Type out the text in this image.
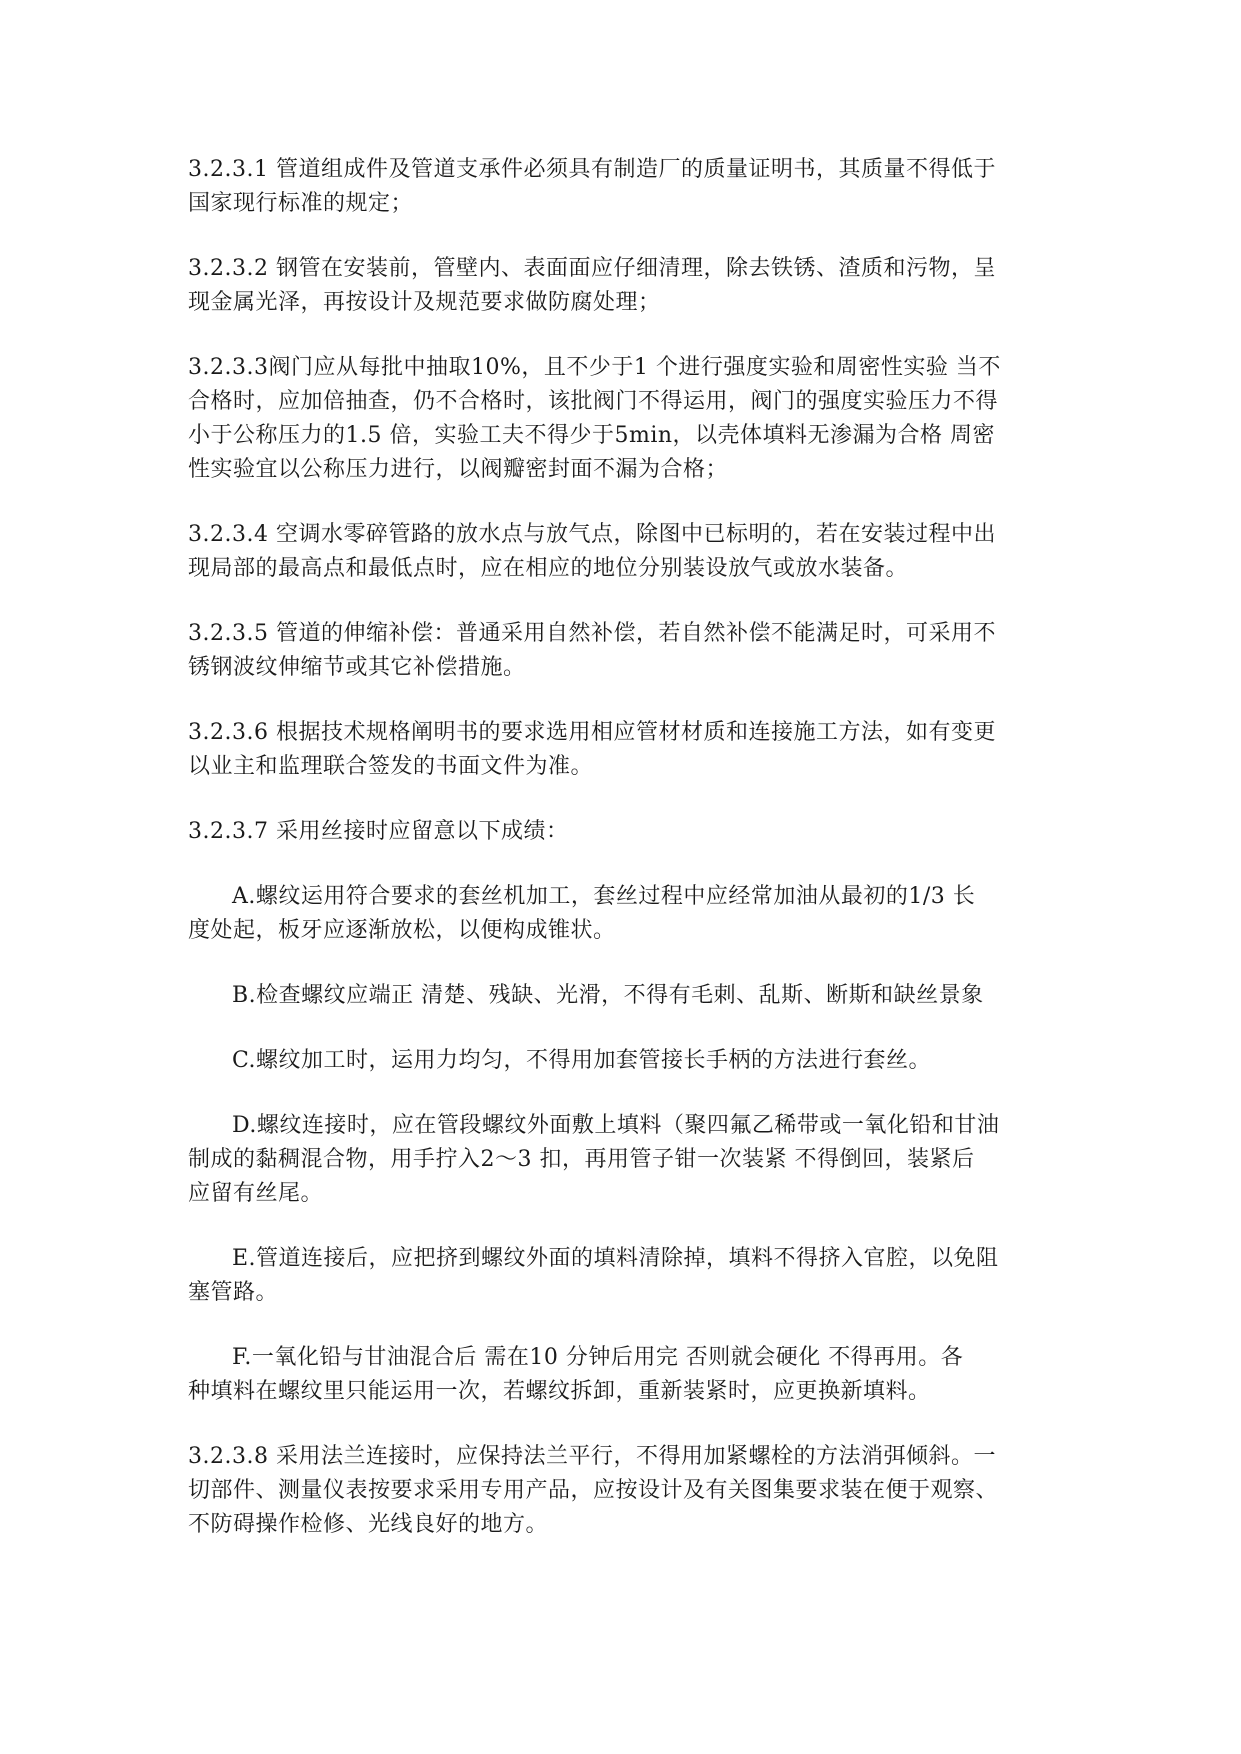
3.2.3.1 管道组成件及管道支承件必须具有制造厂的质量证明书，其质量不得低于
国家现行标准的规定；

3.2.3.2 钢管在安装前，管壁内、表面面应仔细清理，除去铁锈、渣质和污物，呈
现金属光泽，再按设计及规范要求做防腐处理；

3.2.3.3阀门应从每批中抽取10%，且不少于1 个进行强度实验和周密性实验 当不
合格时，应加倍抽查，仍不合格时，该批阀门不得运用，阀门的强度实验压力不得
小于公称压力的1.5 倍，实验工夫不得少于5min，以壳体填料无渗漏为合格 周密
性实验宜以公称压力进行，以阀瓣密封面不漏为合格；

3.2.3.4 空调水零碎管路的放水点与放气点，除图中已标明的，若在安装过程中出
现局部的最高点和最低点时，应在相应的地位分别装设放气或放水装备。

3.2.3.5 管道的伸缩补偿：普通采用自然补偿，若自然补偿不能满足时，可采用不
锈钢波纹伸缩节或其它补偿措施。

3.2.3.6 根据技术规格阐明书的要求选用相应管材材质和连接施工方法，如有变更
以业主和监理联合签发的书面文件为准。

3.2.3.7 采用丝接时应留意以下成绩：

A.螺纹运用符合要求的套丝机加工，套丝过程中应经常加油从最初的1/3 长
度处起，板牙应逐渐放松，以便构成锥状。

B.检查螺纹应端正 清楚、残缺、光滑，不得有毛刺、乱斯、断斯和缺丝景象

C.螺纹加工时，运用力均匀，不得用加套管接长手柄的方法进行套丝。

D.螺纹连接时，应在管段螺纹外面敷上填料（聚四氟乙稀带或一氧化铅和甘油
制成的黏稠混合物，用手拧入2～3 扣，再用管子钳一次装紧 不得倒回，装紧后
应留有丝尾。

E.管道连接后，应把挤到螺纹外面的填料清除掉，填料不得挤入官腔，以免阻
塞管路。

F.一氧化铅与甘油混合后 需在10 分钟后用完 否则就会硬化 不得再用。各
种填料在螺纹里只能运用一次，若螺纹拆卸，重新装紧时，应更换新填料。

3.2.3.8 采用法兰连接时，应保持法兰平行，不得用加紧螺栓的方法消弭倾斜。一
切部件、测量仪表按要求采用专用产品，应按设计及有关图集要求装在便于观察、
不防碍操作检修、光线良好的地方。
